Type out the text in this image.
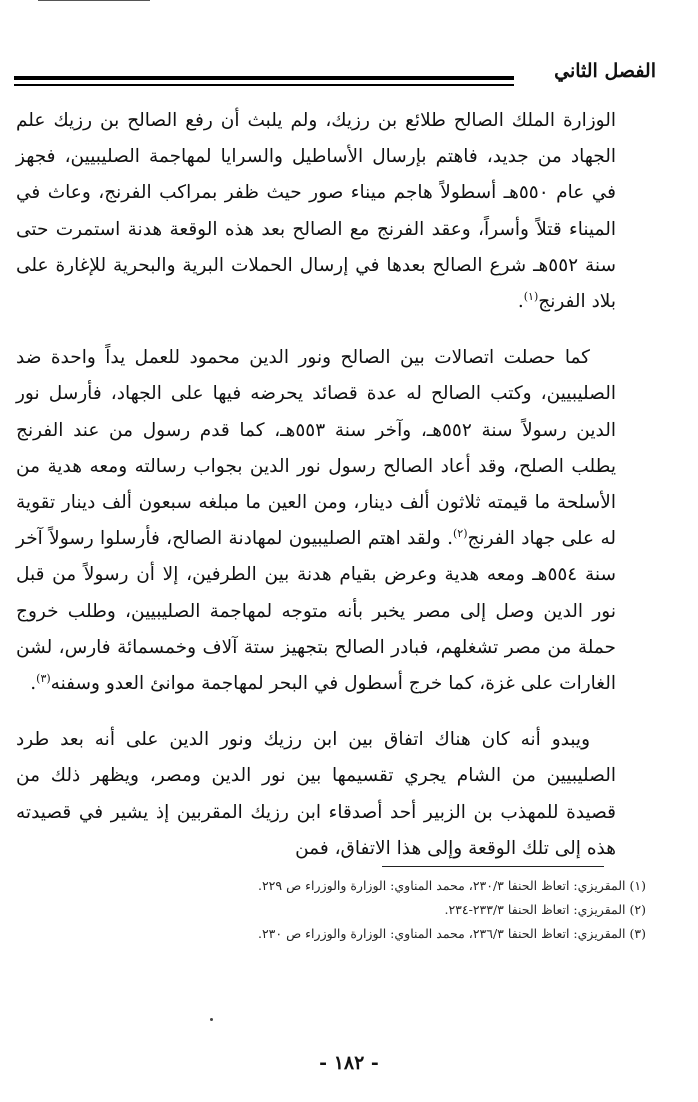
الفصل الثاني

الوزارة الملك الصالح طلائع بن رزيك، ولم يلبث أن رفع الصالح بن رزيك علم الجهاد من جديد، فاهتم بإرسال الأساطيل والسرايا لمهاجمة الصليبيين، فجهز في عام ٥٥٠هـ أسطولاً هاجم ميناء صور حيث ظفر بمراكب الفرنج، وعاث في الميناء قتلاً وأسراً، وعقد الفرنج مع الصالح بعد هذه الوقعة هدنة استمرت حتى سنة ٥٥٢هـ شرع الصالح بعدها في إرسال الحملات البرية والبحرية للإغارة على بلاد الفرنج$^{(١)}$.

كما حصلت اتصالات بين الصالح ونور الدين محمود للعمل يداً واحدة ضد الصليبيين، وكتب الصالح له عدة قصائد يحرضه فيها على الجهاد، فأرسل نور الدين رسولاً سنة ٥٥٢هـ، وآخر سنة ٥٥٣هـ، كما قدم رسول من عند الفرنج يطلب الصلح، وقد أعاد الصالح رسول نور الدين بجواب رسالته ومعه هدية من الأسلحة ما قيمته ثلاثون ألف دينار، ومن العين ما مبلغه سبعون ألف دينار تقوية له على جهاد الفرنج$^{(٢)}$. ولقد اهتم الصليبيون لمهادنة الصالح، فأرسلوا رسولاً آخر سنة ٥٥٤هـ ومعه هدية وعرض بقيام هدنة بين الطرفين، إلا أن رسولاً من قبل نور الدين وصل إلى مصر يخبر بأنه متوجه لمهاجمة الصليبيين، وطلب خروج حملة من مصر تشغلهم، فبادر الصالح بتجهيز ستة آلاف وخمسمائة فارس، لشن الغارات على غزة، كما خرج أسطول في البحر لمهاجمة موانئ العدو وسفنه$^{(٣)}$.

ويبدو أنه كان هناك اتفاق بين ابن رزيك ونور الدين على أنه بعد طرد الصليبيين من الشام يجري تقسيمها بين نور الدين ومصر، ويظهر ذلك من قصيدة للمهذب بن الزبير أحد أصدقاء ابن رزيك المقربين إذ يشير في قصيدته هذه إلى تلك الوقعة وإلى هذا الاتفاق، فمن

(١) المقريزي: اتعاظ الحنفا ٢٣٠/٣، محمد المناوي: الوزارة والوزراء ص ٢٢٩.
(٢) المقريزي: اتعاظ الحنفا ٢٣٣/٣-٢٣٤.
(٣) المقريزي: اتعاظ الحنفا ٢٣٦/٣، محمد المناوي: الوزارة والوزراء ص ٢٣٠.
- ١٨٢ -
